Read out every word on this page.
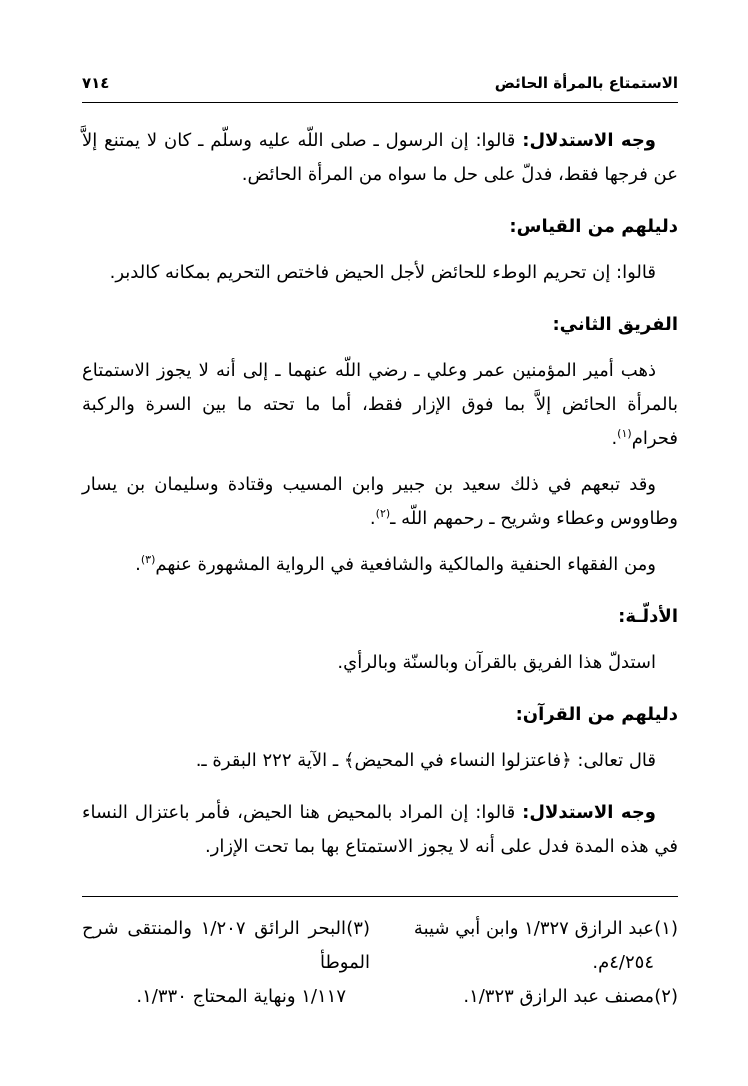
الاستمتاع بالمرأة الحائض
٧١٤

وجه الاستدلال: قالوا: إن الرسول ـ صلى اللّه عليه وسلّم ـ كان لا يمتنع إلاَّ عن فرجها فقط، فدلّ على حل ما سواه من المرأة الحائض.

دليلهم من القياس:

قالوا: إن تحريم الوطء للحائض لأجل الحيض فاختص التحريم بمكانه كالدبر.

الفريق الثاني:

ذهب أمير المؤمنين عمر وعلي ـ رضي اللّه عنهما ـ إلى أنه لا يجوز الاستمتاع بالمرأة الحائض إلاَّ بما فوق الإزار فقط، أما ما تحته ما بين السرة والركبة فحرام$^{(١)}$.

وقد تبعهم في ذلك سعيد بن جبير وابن المسيب وقتادة وسليمان بن يسار وطاووس وعطاء وشريح ـ رحمهم اللّه ـ$^{(٢)}$.

ومن الفقهاء الحنفية والمالكية والشافعية في الرواية المشهورة عنهم$^{(٣)}$.

الأدلّـة:

استدلّ هذا الفريق بالقرآن وبالسنّة وبالرأي.

دليلهم من القرآن:

قال تعالى: ﴿فاعتزلوا النساء في المحيض﴾ ـ الآية ٢٢٢ البقرة ـ.

وجه الاستدلال: قالوا: إن المراد بالمحيض هنا الحيض، فأمر باعتزال النساء في هذه المدة فدل على أنه لا يجوز الاستمتاع بها بما تحت الإزار.

(١)عبد الرازق ١/٣٢٧ وابن أبي شيبة

٤/٢٥٤م.

(٢)مصنف عبد الرازق ١/٣٢٣.

(٣)البحر الرائق ١/٢٠٧ والمنتقى شرح الموطأ

١/١١٧ ونهاية المحتاج ١/٣٣٠.
